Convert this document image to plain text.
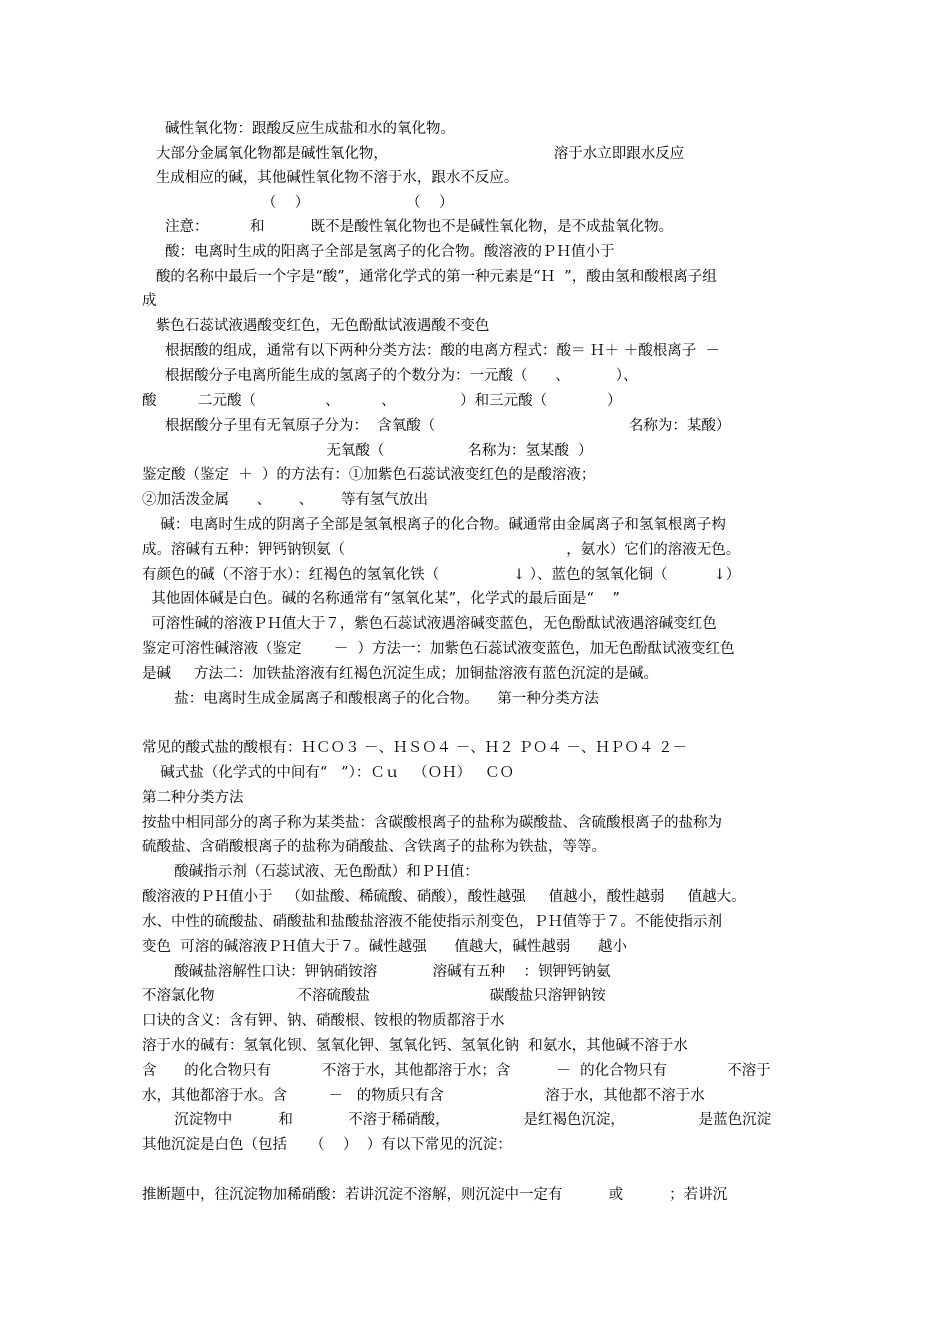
碱性氧化物：跟酸反应生成盐和水的氧化物。
大部分金属氧化物都是碱性氧化物，                                    溶于水立即跟水反应
生成相应的碱，其他碱性氧化物不溶于水，跟水不反应。
（    ）                     （    ）
注意：         和          既不是酸性氧化物也不是碱性氧化物，是不成盐氧化物。
酸：电离时生成的阳离子全部是氢离子的化合物。酸溶液的ＰＨ值小于
酸的名称中最后一个字是“酸”，通常化学式的第一种元素是“Ｈ  ”，酸由氢和酸根离子组
成
紫色石蕊试液遇酸变红色，无色酚酞试液遇酸不变色
根据酸的组成，通常有以下两种分类方法：酸的电离方程式：酸＝ Ｈ＋ ＋酸根离子  －
根据酸分子电离所能生成的氢离子的个数分为：一元酸（      、          ）、
酸         二元酸（               、         、              ）和三元酸（             ）
根据酸分子里有无氧原子分为：  含氧酸（                                          名称为：某酸）
无氧酸（                  名称为：氢某酸  ）
鉴定酸（鉴定  ＋  ）的方法有：①加紫色石蕊试液变红色的是酸溶液；
②加活泼金属      、      、      等有氢气放出
碱：电离时生成的阴离子全部是氢氧根离子的化合物。碱通常由金属离子和氢氧根离子构
成。溶碱有五种：钾钙钠钡氨（                                                ，氨水）它们的溶液无色。
有颜色的碱（不溶于水）：红褐色的氢氧化铁（                ↓ ）、蓝色的氢氧化铜（          ↓）
其他固体碱是白色。碱的名称通常有“氢氧化某”，化学式的最后面是“    ”
可溶性碱的溶液ＰＨ值大于７，紫色石蕊试液遇溶碱变蓝色，无色酚酞试液遇溶碱变红色
鉴定可溶性碱溶液（鉴定       －  ）方法一：加紫色石蕊试液变蓝色，加无色酚酞试液变红色
是碱     方法二：加铁盐溶液有红褐色沉淀生成；加铜盐溶液有蓝色沉淀的是碱。
盐：电离时生成金属离子和酸根离子的化合物。    第一种分类方法
常见的酸式盐的酸根有：ＨＣＯ３ －、ＨＳＯ４ －、Ｈ２ ＰＯ４ －、ＨＰＯ４ ２－
碱式盐（化学式的中间有“   ”）：Ｃｕ   （ＯＨ）   ＣＯ
第二种分类方法
按盐中相同部分的离子称为某类盐：含碳酸根离子的盐称为碳酸盐、含硫酸根离子的盐称为
硫酸盐、含硝酸根离子的盐称为硝酸盐、含铁离子的盐称为铁盐，等等。
酸碱指示剂（石蕊试液、无色酚酞）和ＰＨ值：
酸溶液的ＰＨ值小于   （如盐酸、稀硫酸、硝酸），酸性越强     值越小，酸性越弱     值越大。
水、中性的硫酸盐、硝酸盐和盐酸盐溶液不能使指示剂变色，ＰＨ值等于７。不能使指示剂
变色  可溶的碱溶液ＰＨ值大于７。碱性越强      值越大，碱性越弱      越小
酸碱盐溶解性口诀：钾钠硝铵溶            溶碱有五种    ：钡钾钙钠氨
不溶氯化物                  不溶硫酸盐                          碳酸盐只溶钾钠铵
口诀的含义：含有钾、钠、硝酸根、铵根的物质都溶于水
溶于水的碱有：氢氧化钡、氢氧化钾、氢氧化钙、氢氧化钠  和氨水，其他碱不溶于水
含      的化合物只有           不溶于水，其他都溶于水；含          －  的化合物只有             不溶于
水，其他都溶于水。含         －   的物质只有含                      溶于水，其他都不溶于水
沉淀物中          和            不溶于稀硝酸，                是红褐色沉淀，                是蓝色沉淀
其他沉淀是白色（包括     （    ）  ）有以下常见的沉淀：
推断题中，往沉淀物加稀硝酸：若讲沉淀不溶解，则沉淀中一定有          或          ；若讲沉
